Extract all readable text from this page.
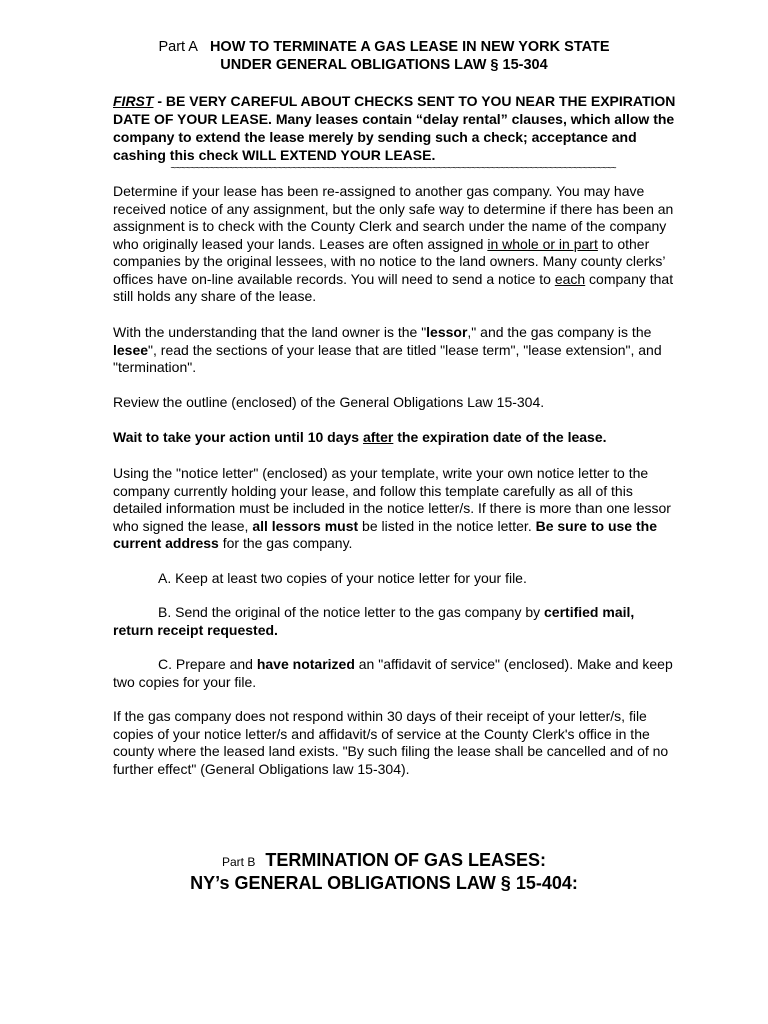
Part A HOW TO TERMINATE A GAS LEASE IN NEW YORK STATE
UNDER GENERAL OBLIGATIONS LAW § 15-304
FIRST - BE VERY CAREFUL ABOUT CHECKS SENT TO YOU NEAR THE EXPIRATION DATE OF YOUR LEASE. Many leases contain “delay rental” clauses, which allow the company to extend the lease merely by sending such a check; acceptance and cashing this check WILL EXTEND YOUR LEASE.
~~~~~~~~~~~~~~~~~~~~~~~~~~~~~~~~~~~~~~~~~~~~~~~~~~~~~~~~~~~~~~~~~~~~~~~~~~~~~~~~~~~~~~~~~~~~
Determine if your lease has been re-assigned to another gas company. You may have received notice of any assignment, but the only safe way to determine if there has been an assignment is to check with the County Clerk and search under the name of the company who originally leased your lands. Leases are often assigned in whole or in part to other companies by the original lessees, with no notice to the land owners. Many county clerks’ offices have on-line available records. You will need to send a notice to each company that still holds any share of the lease.
With the understanding that the land owner is the "lessor," and the gas company is the lesee", read the sections of your lease that are titled "lease term", "lease extension", and "termination".
Review the outline (enclosed) of the General Obligations Law 15-304.
Wait to take your action until 10 days after the expiration date of the lease.
Using the "notice letter" (enclosed) as your template, write your own notice letter to the company currently holding your lease, and follow this template carefully as all of this detailed information must be included in the notice letter/s. If there is more than one lessor who signed the lease, all lessors must be listed in the notice letter. Be sure to use the current address for the gas company.
A. Keep at least two copies of your notice letter for your file.
B. Send the original of the notice letter to the gas company by certified mail, return receipt requested.
C. Prepare and have notarized an "affidavit of service" (enclosed). Make and keep two copies for your file.
If the gas company does not respond within 30 days of their receipt of your letter/s, file copies of your notice letter/s and affidavit/s of service at the County Clerk's office in the county where the leased land exists. "By such filing the lease shall be cancelled and of no further effect" (General Obligations law 15-304).
Part B TERMINATION OF GAS LEASES:
NY’s GENERAL OBLIGATIONS LAW § 15-404:
